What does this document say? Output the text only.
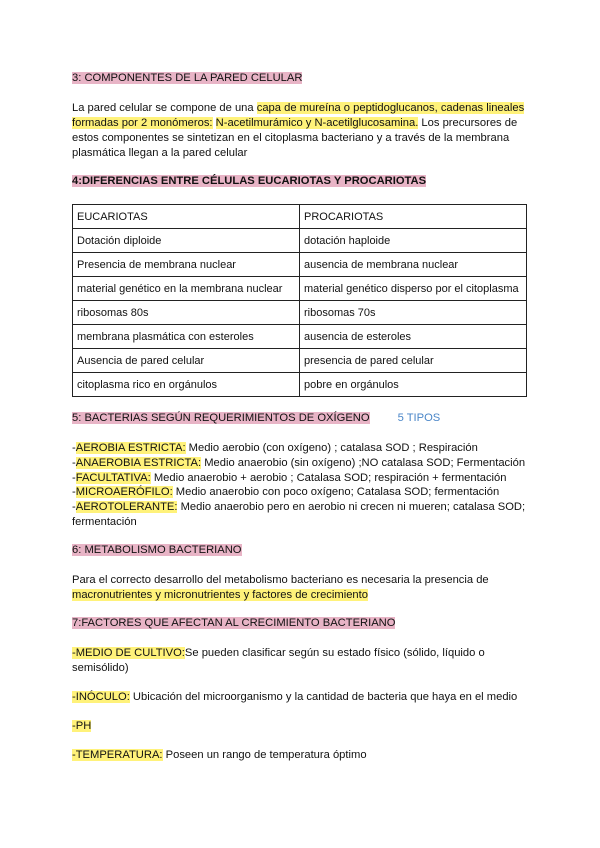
3: COMPONENTES DE LA PARED CELULAR
La pared celular se compone de una capa de mureína o peptidoglucanos, cadenas lineales formadas por 2 monómeros: N-acetilmurámico y N-acetilglucosamina. Los precursores de estos componentes se sintetizan en el citoplasma bacteriano y a través de la membrana plasmática llegan a la pared celular
4:DIFERENCIAS ENTRE CÉLULAS EUCARIOTAS Y PROCARIOTAS
EUCARIOTAS	PROCARIOTAS
Dotación diploide	dotación haploide
Presencia de membrana nuclear	ausencia de membrana nuclear
material genético en la membrana nuclear	material genético disperso por el citoplasma
ribosomas 80s	ribosomas 70s
membrana plasmática con esteroles	ausencia de esteroles
Ausencia de pared celular	presencia de pared celular
citoplasma rico en orgánulos	pobre en orgánulos
5: BACTERIAS SEGÚN REQUERIMIENTOS DE OXÍGENO	5 TIPOS
-AEROBIA ESTRICTA: Medio aerobio (con oxígeno) ; catalasa SOD ; Respiración
-ANAEROBIA ESTRICTA: Medio anaerobio (sin oxígeno) ;NO catalasa SOD; Fermentación
-FACULTATIVA: Medio anaerobio + aerobio ; Catalasa SOD; respiración + fermentación
-MICROAERÓFILO: Medio anaerobio con poco oxígeno; Catalasa SOD; fermentación
-AEROTOLERANTE: Medio anaerobio pero en aerobio ni crecen ni mueren; catalasa SOD;
fermentación
6: METABOLISMO BACTERIANO
Para el correcto desarrollo del metabolismo bacteriano es necesaria la presencia de
macronutrientes y micronutrientes y factores de crecimiento
7:FACTORES QUE AFECTAN AL CRECIMIENTO BACTERIANO
-MEDIO DE CULTIVO:Se pueden clasificar según su estado físico (sólido, líquido o
semisólido)
-INÓCULO: Ubicación del microorganismo y la cantidad de bacteria que haya en el medio
-PH
-TEMPERATURA: Poseen un rango de temperatura óptimo
